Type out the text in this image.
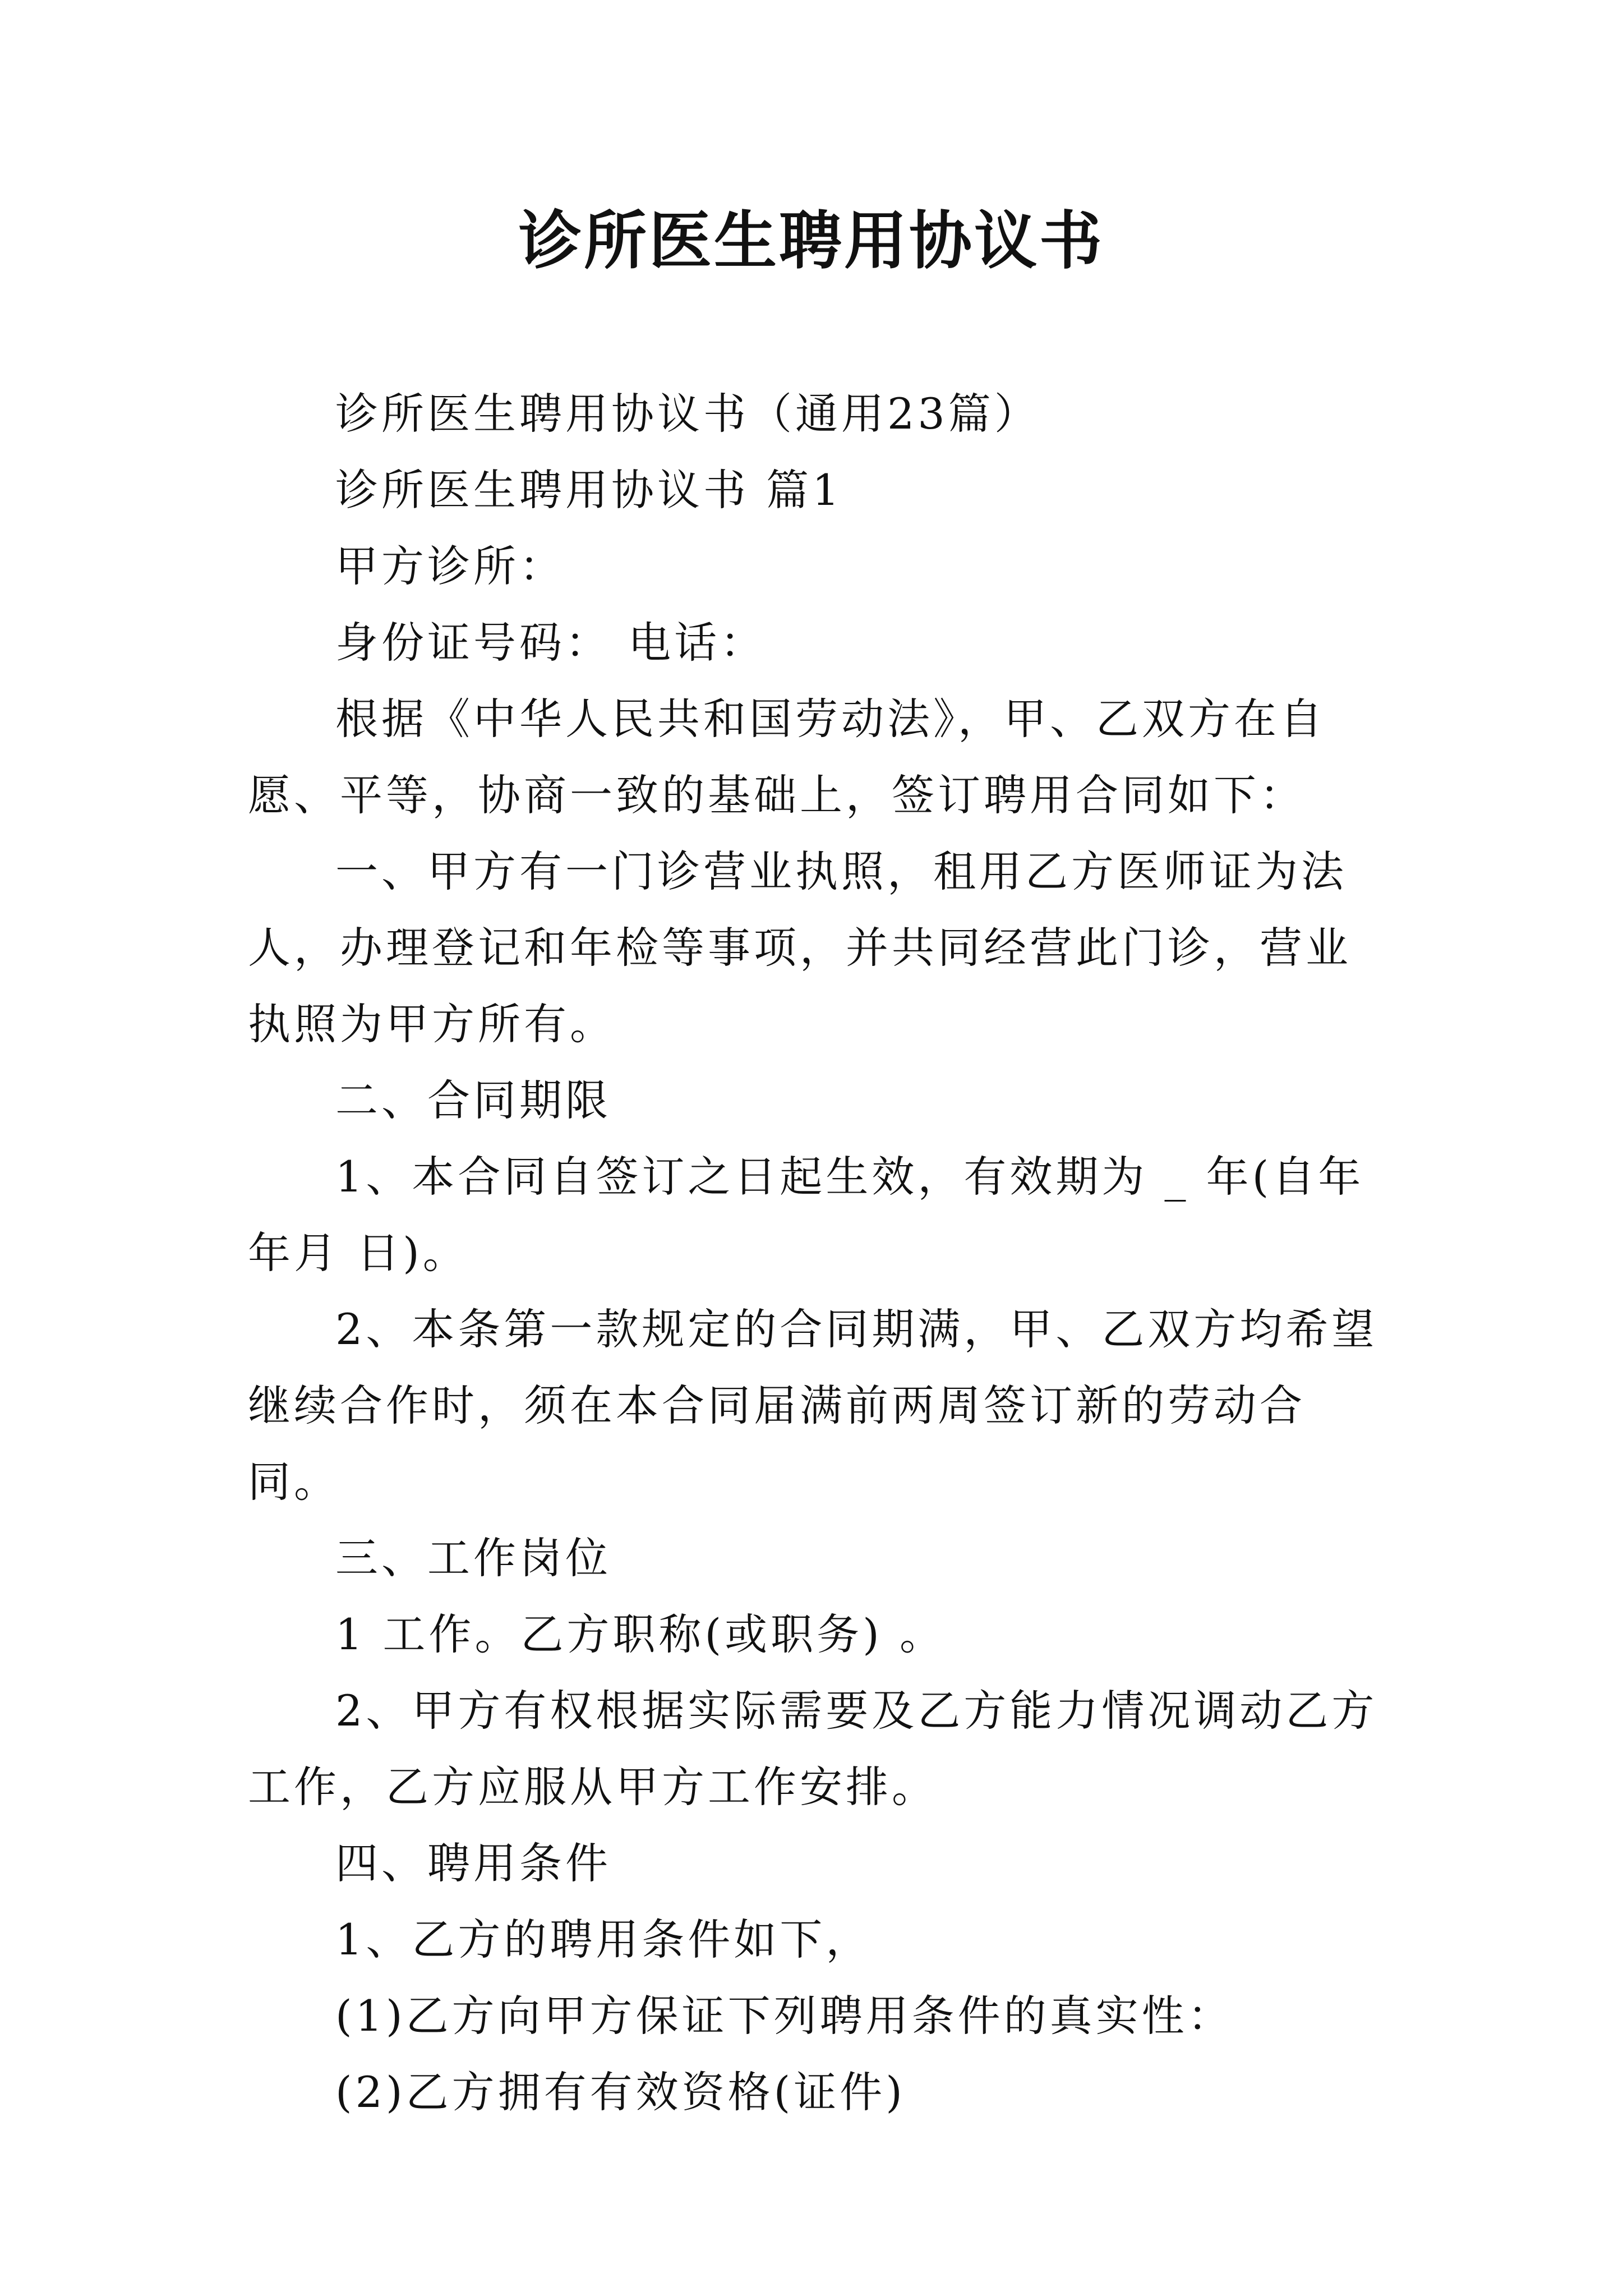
诊所医生聘用协议书

诊所医生聘用协议书（通用23篇）

诊所医生聘用协议书 篇1

甲方诊所：

身份证号码： 电话：

根据《中华人民共和国劳动法》，甲、乙双方在自愿、平等，协商一致的基础上，签订聘用合同如下：

一、甲方有一门诊营业执照，租用乙方医师证为法人，办理登记和年检等事项，并共同经营此门诊，营业执照为甲方所有。

二、合同期限

1、本合同自签订之日起生效，有效期为 _ 年(自年年月 日)。

2、本条第一款规定的合同期满，甲、乙双方均希望继续合作时，须在本合同届满前两周签订新的劳动合同。

三、工作岗位

1 工作。乙方职称(或职务) 。

2、甲方有权根据实际需要及乙方能力情况调动乙方工作，乙方应服从甲方工作安排。

四、聘用条件

1、乙方的聘用条件如下，

(1)乙方向甲方保证下列聘用条件的真实性：

(2)乙方拥有有效资格(证件)
